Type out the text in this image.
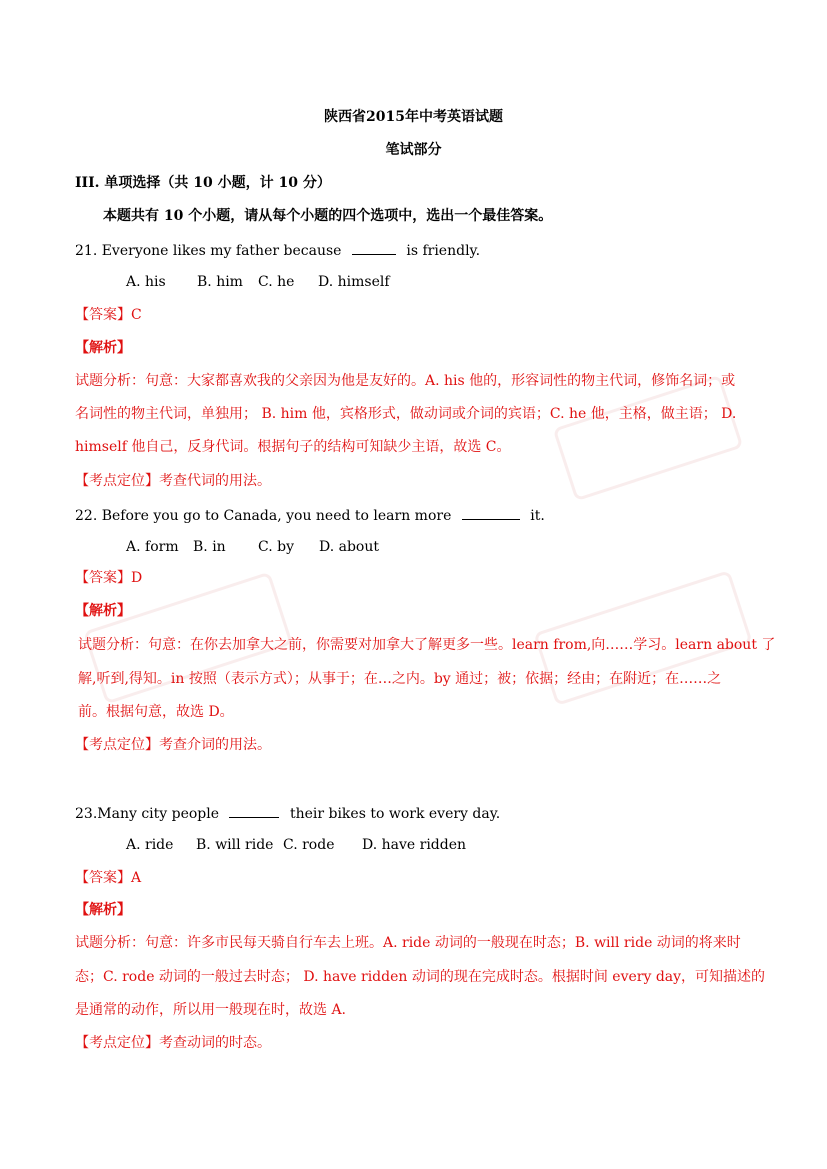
陕西省2015年中考英语试题
笔试部分
III. 单项选择（共 10 小题，计 10 分）
本题共有 10 个小题，请从每个小题的四个选项中，选出一个最佳答案。
21. Everyone likes my father because	is friendly.
A. his B. him C. he D. himself
【答案】C
【解析】
试题分析：句意：大家都喜欢我的父亲因为他是友好的。A. his 他的，形容词性的物主代词，修饰名词；或
名词性的物主代词，单独用； B. him 他，宾格形式，做动词或介词的宾语；C. he 他，主格，做主语； D.
himself 他自己，反身代词。根据句子的结构可知缺少主语，故选 C。
【考点定位】考查代词的用法。
22. Before you go to Canada, you need to learn more	it.
A. form B. in C. by D. about
【答案】D
【解析】
试题分析：句意：在你去加拿大之前，你需要对加拿大了解更多一些。learn from,向……学习。learn about 了
解,听到,得知。in 按照（表示方式）；从事于；在…之内。by 通过；被；依据；经由；在附近；在……之
前。根据句意，故选 D。
【考点定位】考查介词的用法。
23.Many city people	their bikes to work every day.
A. ride B. will ride C. rode D. have ridden
【答案】A
【解析】
试题分析：句意：许多市民每天骑自行车去上班。A. ride 动词的一般现在时态；B. will ride 动词的将来时
态；C. rode 动词的一般过去时态； D. have ridden 动词的现在完成时态。根据时间 every day，可知描述的
是通常的动作，所以用一般现在时，故选 A.
【考点定位】考查动词的时态。
